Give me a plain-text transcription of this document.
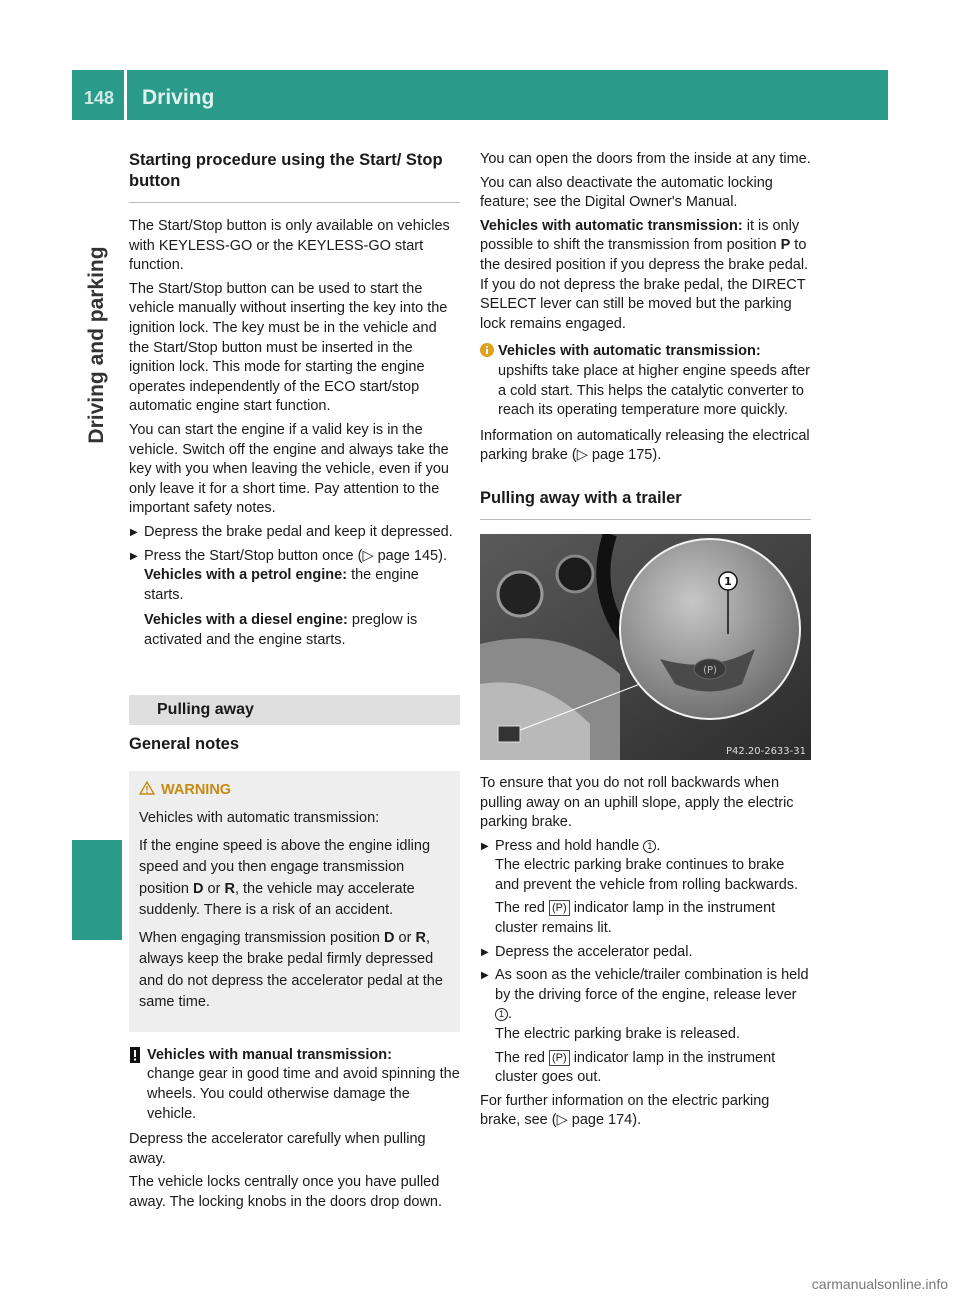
148 Driving
Driving and parking
Starting procedure using the Start/ Stop button

The Start/Stop button is only available on vehicles with KEYLESS-GO or the KEYLESS-GO start function.

The Start/Stop button can be used to start the vehicle manually without inserting the key into the ignition lock. The key must be in the vehicle and the Start/Stop button must be inserted in the ignition lock. This mode for starting the engine operates independently of the ECO start/stop automatic engine start function.

You can start the engine if a valid key is in the vehicle. Switch off the engine and always take the key with you when leaving the vehicle, even if you only leave it for a short time. Pay attention to the important safety notes.

▶ Depress the brake pedal and keep it depressed.
▶ Press the Start/Stop button once (▷ page 145).
Vehicles with a petrol engine: the engine starts.

Vehicles with a diesel engine: preglow is activated and the engine starts.
Pulling away
General notes
WARNING

Vehicles with automatic transmission:

If the engine speed is above the engine idling speed and you then engage transmission position D or R, the vehicle may accelerate suddenly. There is a risk of an accident.

When engaging transmission position D or R, always keep the brake pedal firmly depressed and do not depress the accelerator pedal at the same time.

Vehicles with manual transmission:
change gear in good time and avoid spinning the wheels. You could otherwise damage the vehicle.

Depress the accelerator carefully when pulling away.

The vehicle locks centrally once you have pulled away. The locking knobs in the doors drop down.

You can open the doors from the inside at any time.

You can also deactivate the automatic locking feature; see the Digital Owner's Manual.

Vehicles with automatic transmission: it is only possible to shift the transmission from position P to the desired position if you depress the brake pedal. If you do not depress the brake pedal, the DIRECT SELECT lever can still be moved but the parking lock remains engaged.

Vehicles with automatic transmission:
upshifts take place at higher engine speeds after a cold start. This helps the catalytic converter to reach its operating temperature more quickly.

Information on automatically releasing the electrical parking brake (▷ page 175).

Pulling away with a trailer
(P)
1
P42.20-2633-31

To ensure that you do not roll backwards when pulling away on an uphill slope, apply the electric parking brake.

▶ Press and hold handle 1 .
The electric parking brake continues to brake and prevent the vehicle from rolling backwards.
The red (P) indicator lamp in the instrument cluster remains lit.
▶ Depress the accelerator pedal.
▶ As soon as the vehicle/trailer combination is held by the driving force of the engine, release lever 1 .
The electric parking brake is released.
The red (P) indicator lamp in the instrument cluster goes out.

For further information on the electric parking brake, see (▷ page 174).

carmanualsonline.info
